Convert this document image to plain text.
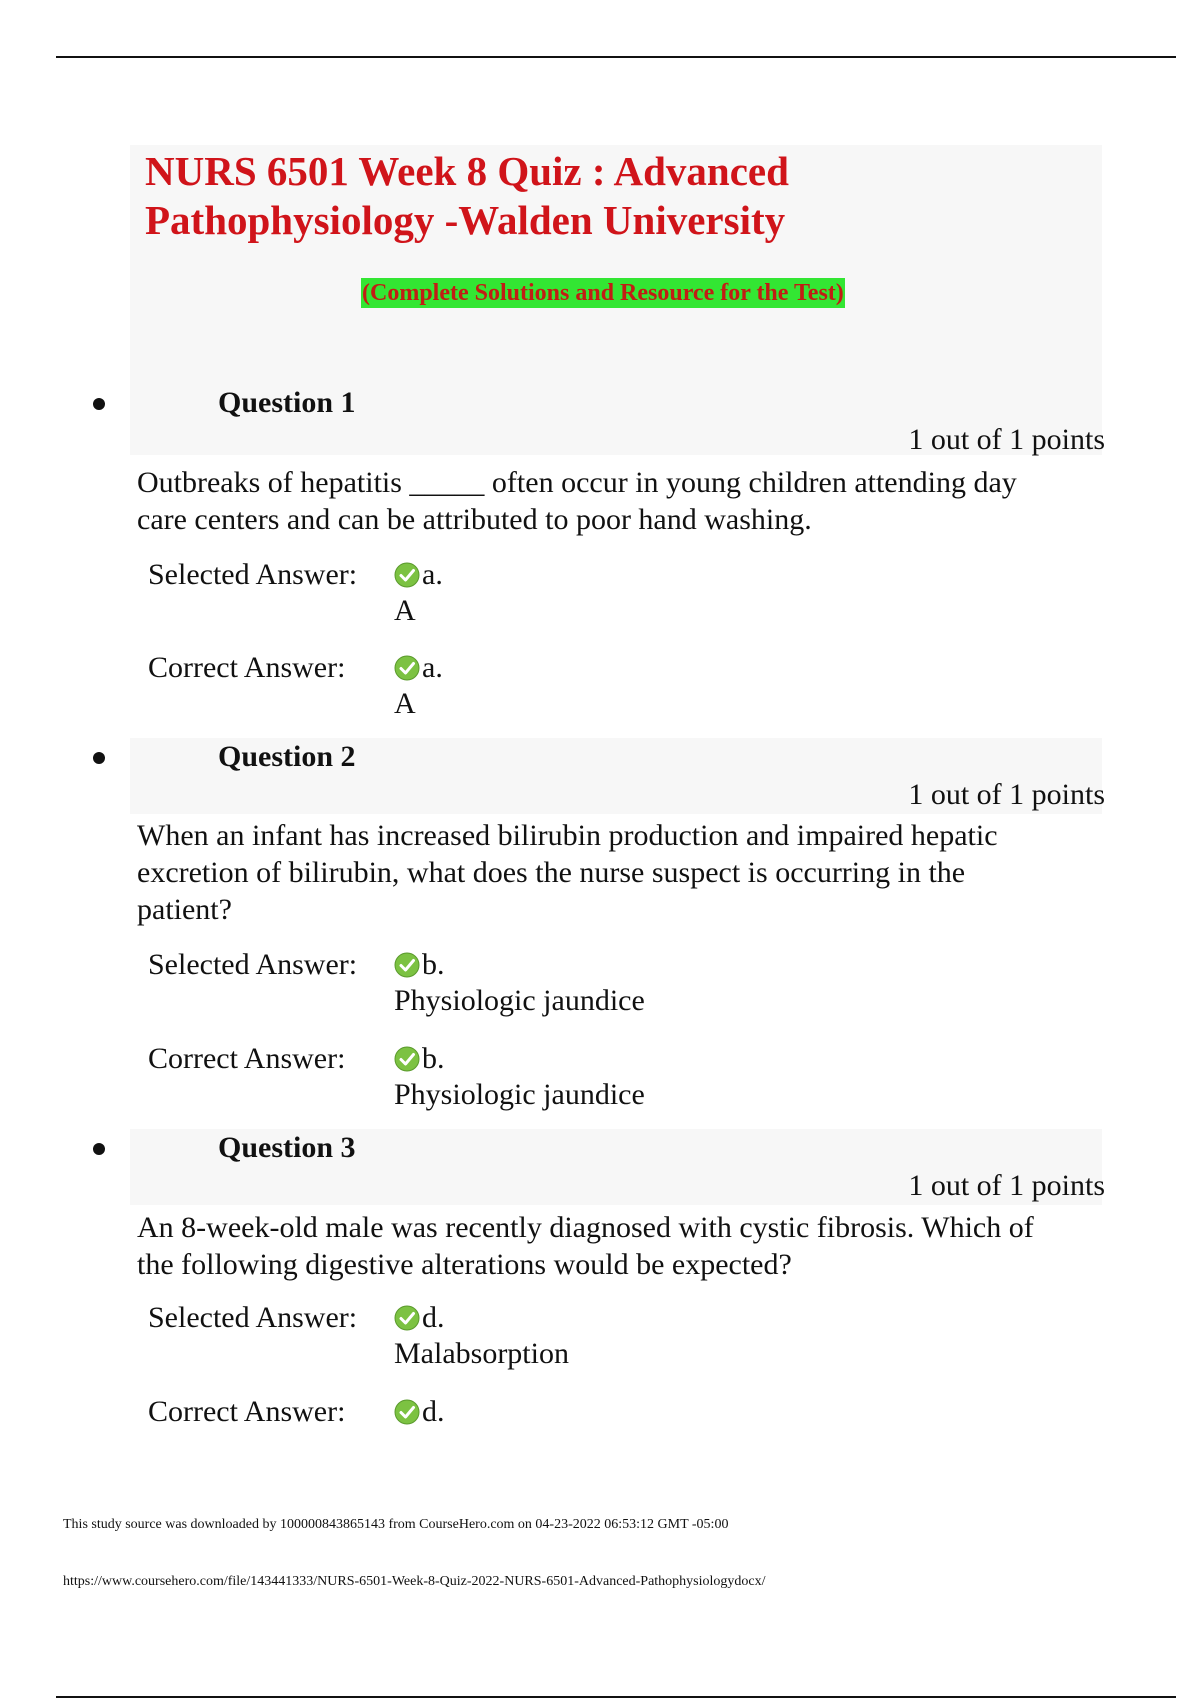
NURS 6501 Week 8 Quiz : Advanced Pathophysiology -Walden University

(Complete Solutions and Resource for the Test)

Question 1
1 out of 1 points

Outbreaks of hepatitis _____ often occur in young children attending day care centers and can be attributed to poor hand washing.

Selected Answer: a.
A
Correct Answer:	a.
A
Question 2
1 out of 1 points

When an infant has increased bilirubin production and impaired hepatic excretion of bilirubin, what does the nurse suspect is occurring in the patient?

Selected Answer: b.
Physiologic jaundice
Correct Answer:	b.
Physiologic jaundice
Question 3
1 out of 1 points

An 8-week-old male was recently diagnosed with cystic fibrosis. Which of the following digestive alterations would be expected?

Selected Answer: d.
Malabsorption
Correct Answer:	d.
This study source was downloaded by 100000843865143 from CourseHero.com on 04-23-2022 06:53:12 GMT -05:00
https://www.coursehero.com/file/143441333/NURS-6501-Week-8-Quiz-2022-NURS-6501-Advanced-Pathophysiologydocx/
